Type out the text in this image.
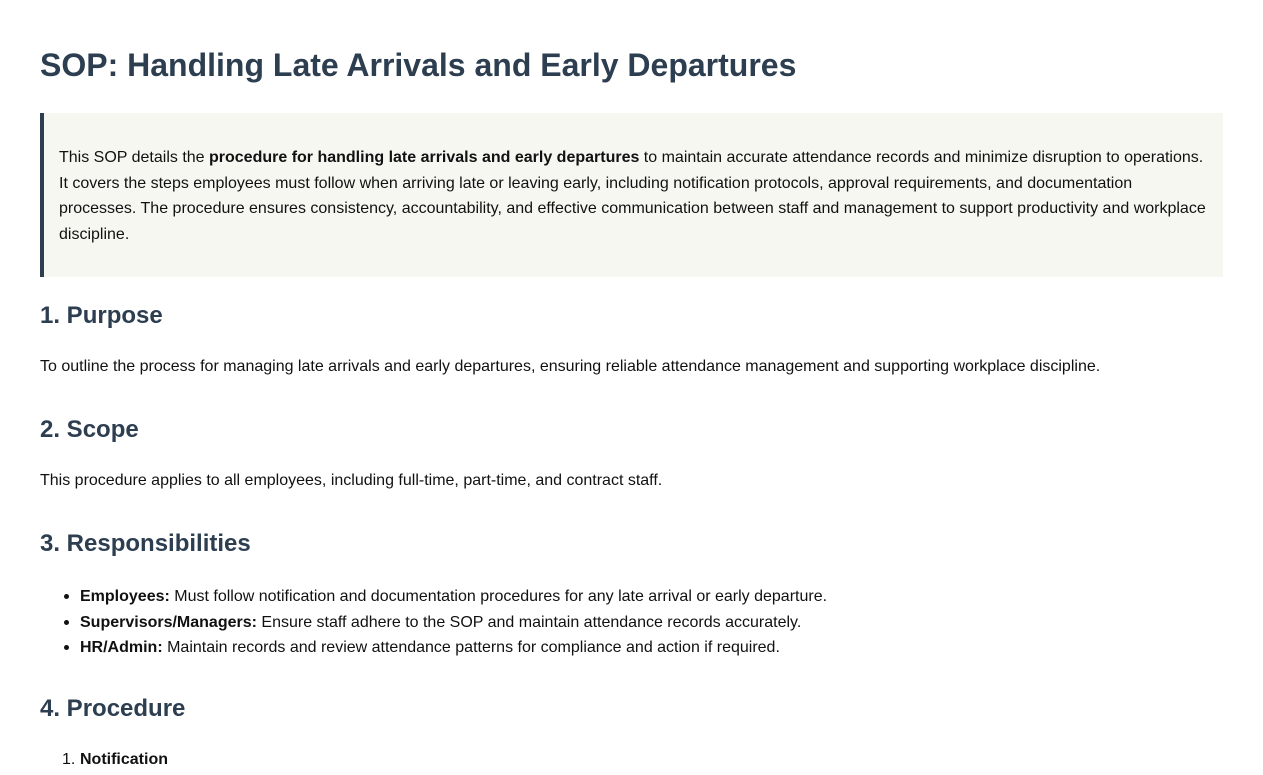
SOP: Handling Late Arrivals and Early Departures
This SOP details the procedure for handling late arrivals and early departures to maintain accurate attendance records and minimize disruption to operations. It covers the steps employees must follow when arriving late or leaving early, including notification protocols, approval requirements, and documentation processes. The procedure ensures consistency, accountability, and effective communication between staff and management to support productivity and workplace discipline.
1. Purpose

To outline the process for managing late arrivals and early departures, ensuring reliable attendance management and supporting workplace discipline.

2. Scope

This procedure applies to all employees, including full-time, part-time, and contract staff.

3. Responsibilities
Employees: Must follow notification and documentation procedures for any late arrival or early departure.
Supervisors/Managers: Ensure staff adhere to the SOP and maintain attendance records accurately.
HR/Admin: Maintain records and review attendance patterns for compliance and action if required.
4. Procedure
1. Notification
